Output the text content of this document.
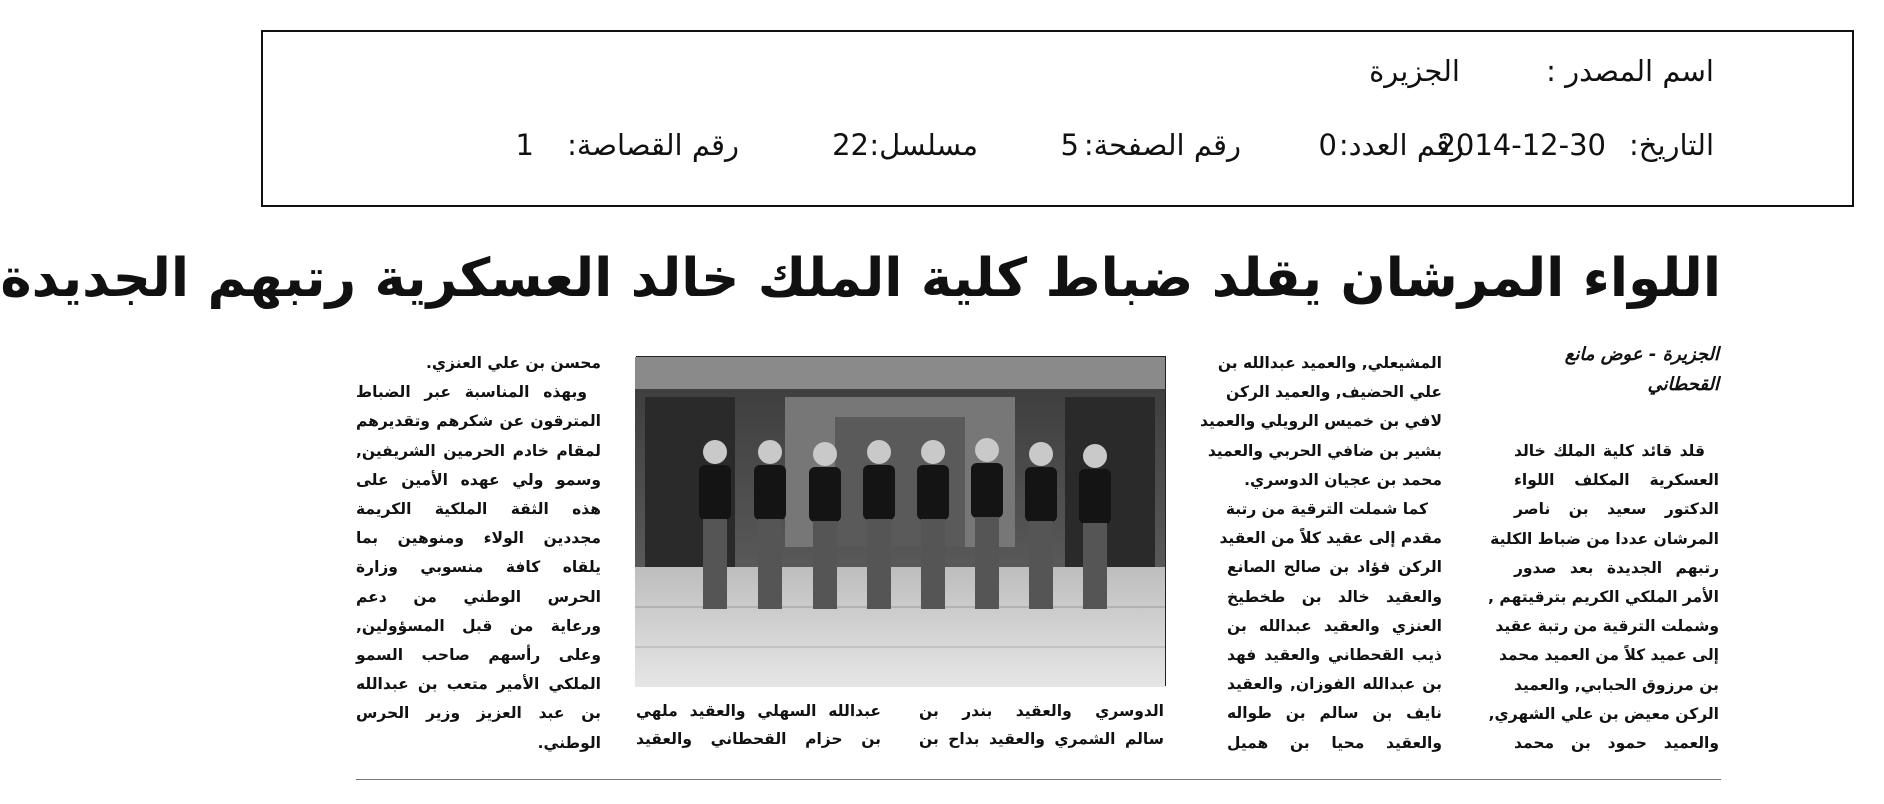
اسم المصدر :
الجزيرة
التاريخ:
2014-12-30
رقم العدد:
0
رقم الصفحة:
5
مسلسل:
22
رقم القصاصة:
1
اللواء المرشان يقلد ضباط كلية الملك خالد العسكرية رتبهم الجديدة
الجزيرة - عوض مانع القحطاني
قلد قائد كلية الملك خالد
العسكرية المكلف اللواء
الدكتور سعيد بن ناصر
المرشان عددا من ضباط الكلية
رتبهم الجديدة بعد صدور
الأمر الملكي الكريم بترقيتهم ,
وشملت الترقية من رتبة عقيد
إلى عميد كلاً من العميد محمد
بن مرزوق الحبابي, والعميد
الركن معيض بن علي الشهري,
والعميد حمود بن محمد
المشيعلي, والعميد عبدالله بن
علي الحضيف, والعميد الركن
لافي بن خميس الرويلي والعميد
بشير بن ضافي الحربي والعميد
محمد بن عجيان الدوسري.
كما شملت الترقية من رتبة
مقدم إلى عقيد كلاً من العقيد
الركن فؤاد بن صالح الصانع
والعقيد خالد بن طخطيخ
العنزي والعقيد عبدالله بن
ذيب القحطاني والعقيد فهد
بن عبدالله الفوزان, والعقيد
نايف بن سالم بن طواله
والعقيد محيا بن هميل
الدوسري والعقيد بندر بن
سالم الشمري والعقيد بداح بن
عبدالله السهلي والعقيد ملهي
بن حزام القحطاني والعقيد
محسن بن علي العنزي.
وبهذه المناسبة عبر الضباط
المترقون عن شكرهم وتقديرهم
لمقام خادم الحرمين الشريفين,
وسمو ولي عهده الأمين على
هذه الثقة الملكية الكريمة
مجددين الولاء ومنوهين بما
يلقاه كافة منسوبي وزارة
الحرس الوطني من دعم
ورعاية من قبل المسؤولين,
وعلى رأسهم صاحب السمو
الملكي الأمير متعب بن عبدالله
بن عبد العزيز وزير الحرس
الوطني.
